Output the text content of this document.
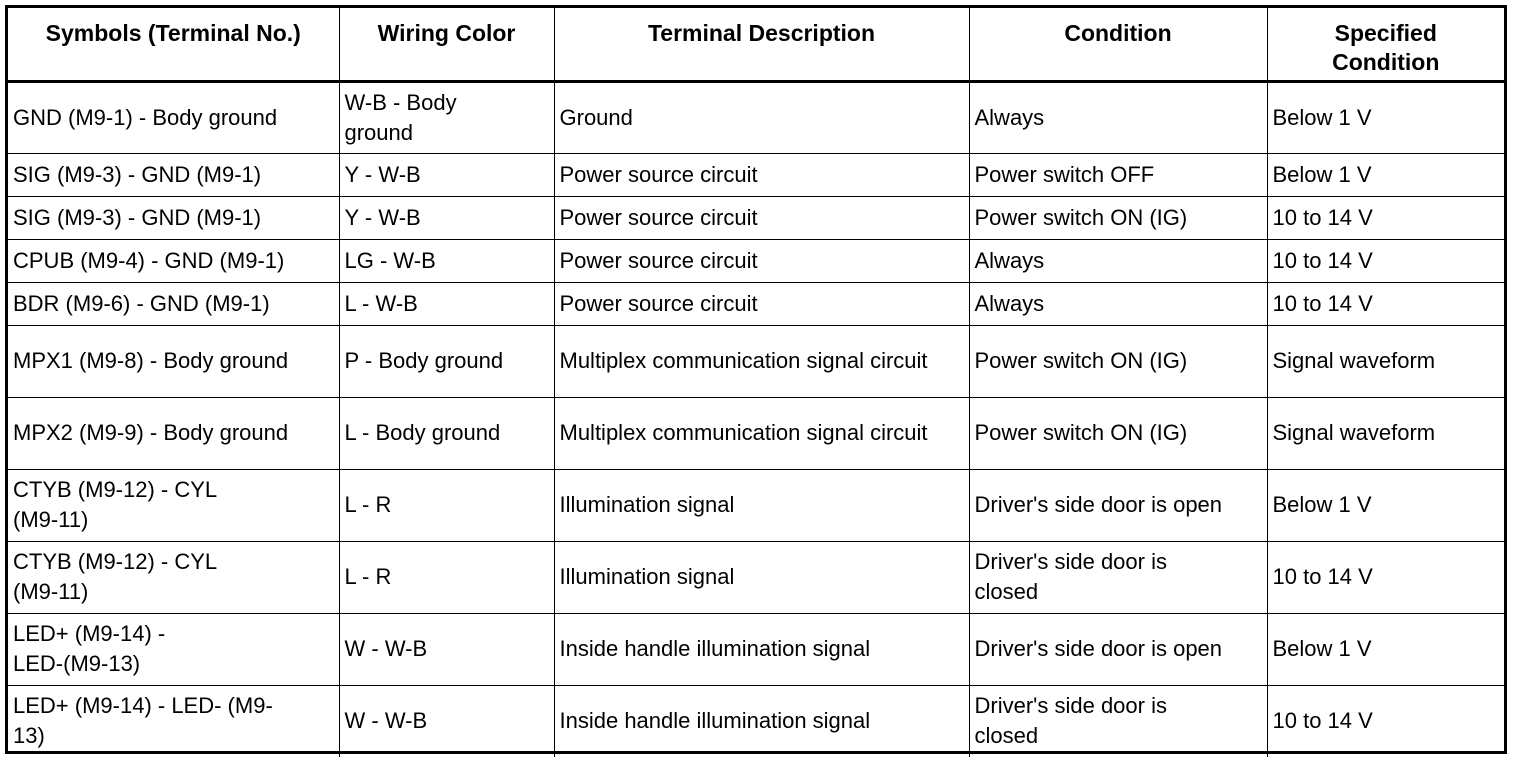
Symbols (Terminal No.)	Wiring Color	Terminal Description	Condition	Specified Condition
GND (M9-1) - Body ground	W-B - Body ground	Ground	Always	Below 1 V
SIG (M9-3) - GND (M9-1)	Y - W-B	Power source circuit	Power switch OFF	Below 1 V
SIG (M9-3) - GND (M9-1)	Y - W-B	Power source circuit	Power switch ON (IG)	10 to 14 V
CPUB (M9-4) - GND (M9-1)	LG - W-B	Power source circuit	Always	10 to 14 V
BDR (M9-6) - GND (M9-1)	L - W-B	Power source circuit	Always	10 to 14 V
MPX1 (M9-8) - Body ground	P - Body ground	Multiplex communication signal circuit	Power switch ON (IG)	Signal waveform
MPX2 (M9-9) - Body ground	L - Body ground	Multiplex communication signal circuit	Power switch ON (IG)	Signal waveform
CTYB (M9-12) - CYL (M9-11)	L - R	Illumination signal	Driver's side door is open	Below 1 V
CTYB (M9-12) - CYL (M9-11)	L - R	Illumination signal	Driver's side door is closed	10 to 14 V
LED+ (M9-14) - LED-(M9-13)	W - W-B	Inside handle illumination signal	Driver's side door is open	Below 1 V
LED+ (M9-14) - LED- (M9-13)	W - W-B	Inside handle illumination signal	Driver's side door is closed	10 to 14 V
